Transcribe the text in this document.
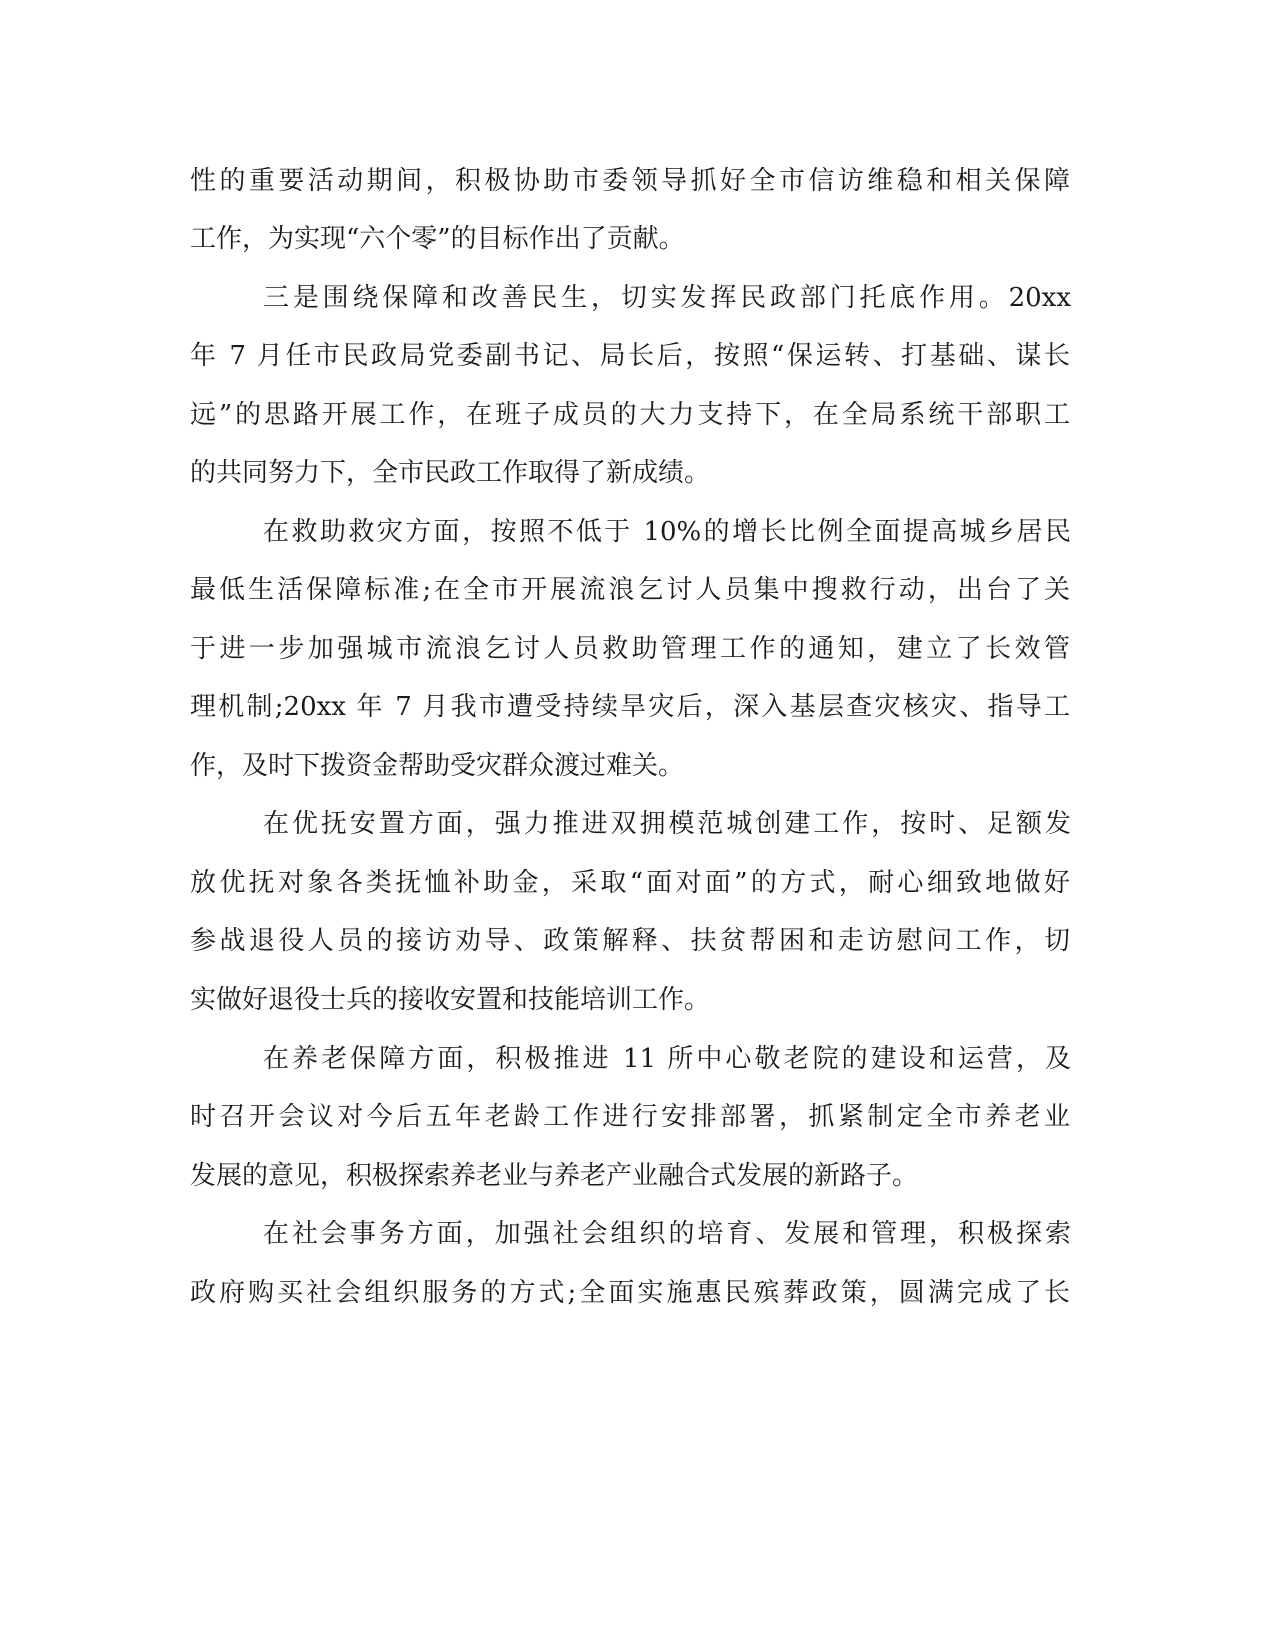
性的重要活动期间，积极协助市委领导抓好全市信访维稳和相关保障
工作，为实现“六个零”的目标作出了贡献。
三是围绕保障和改善民生，切实发挥民政部门托底作用。20xx
年 7 月任市民政局党委副书记、局长后，按照“保运转、打基础、谋长
远”的思路开展工作，在班子成员的大力支持下，在全局系统干部职工
的共同努力下，全市民政工作取得了新成绩。
在救助救灾方面，按照不低于 10%的增长比例全面提高城乡居民
最低生活保障标准;在全市开展流浪乞讨人员集中搜救行动，出台了关
于进一步加强城市流浪乞讨人员救助管理工作的通知，建立了长效管
理机制;20xx 年 7 月我市遭受持续旱灾后，深入基层查灾核灾、指导工
作，及时下拨资金帮助受灾群众渡过难关。
在优抚安置方面，强力推进双拥模范城创建工作，按时、足额发
放优抚对象各类抚恤补助金，采取“面对面”的方式，耐心细致地做好
参战退役人员的接访劝导、政策解释、扶贫帮困和走访慰问工作，切
实做好退役士兵的接收安置和技能培训工作。
在养老保障方面，积极推进 11 所中心敬老院的建设和运营，及
时召开会议对今后五年老龄工作进行安排部署，抓紧制定全市养老业
发展的意见，积极探索养老业与养老产业融合式发展的新路子。
在社会事务方面，加强社会组织的培育、发展和管理，积极探索
政府购买社会组织服务的方式;全面实施惠民殡葬政策，圆满完成了长
